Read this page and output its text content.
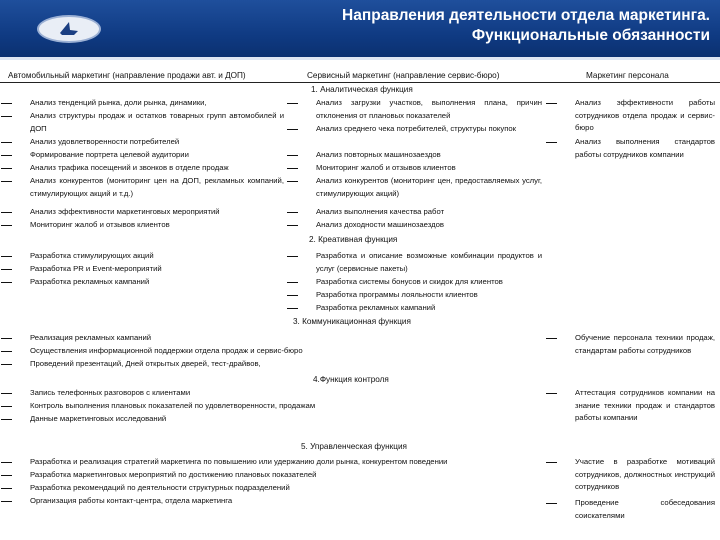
Направления деятельности отдела маркетинга.
Функциональные обязанности
Автомобильный маркетинг (направление продажи авт. и ДОП)	Сервисный маркетинг (направление сервис-бюро)	Маркетинг персонала
1. Аналитическая функция
Анализ тенденций рынка, доли рынка, динамики,
Анализ структуры продаж и остатков товарных групп автомобилей и ДОП
Анализ удовлетворенности потребителей
Формирование портрета целевой аудитории
Анализ трафика посещений и звонков в отделе продаж
Анализ конкурентов (мониторинг цен на ДОП, рекламных компаний, стимулирующих акций и т.д.)
Анализ эффективности маркетинговых мероприятий
Мониторинг жалоб и отзывов клиентов
Анализ загрузки участков, выполнения плана, причин отклонения от плановых показателей
Анализ среднего чека потребителей, структуры покупок
Анализ повторных машинозаездов
Мониторинг жалоб и отзывов клиентов
Анализ конкурентов (мониторинг цен, предоставляемых услуг, стимулирующих акций)
Анализ выполнения качества работ
Анализ доходности машинозаездов
Анализ эффективности работы сотрудников отдела продаж и сервис-бюро
Анализ выполнения стандартов работы сотрудников компании
2. Креативная функция
Разработка стимулирующих акций
Разработка PR и Event-мероприятий
Разработка рекламных кампаний
Разработка и описание возможные комбинации продуктов и услуг (сервисные пакеты)
Разработка системы бонусов и скидок для клиентов
Разработка программы лояльности клиентов
Разработка рекламных кампаний
3. Коммуникационная функция
Реализация рекламных кампаний
Осуществления информационной поддержки отдела продаж и сервис-бюро
Проведений презентаций, Дней открытых дверей, тест-драйвов,
Обучение персонала техники продаж, стандартам работы сотрудников
4.Функция контроля
Запись телефонных разговоров с клиентами
Контроль выполнения плановых показателей по удовлетворенности, продажам
Данные маркетинговых исследований
Аттестация сотрудников компании на знание техники продаж и стандартов работы компании
5. Управленческая функция
Разработка и реализация стратегий маркетинга по повышению или удержанию доли рынка, конкурентом поведении
Разработка маркетинговых мероприятий по достижению плановых показателей
Разработка рекомендаций по деятельности структурных подразделений
Организация работы контакт-центра, отдела маркетинга
Участие в разработке мотиваций сотрудников, должностных инструкций сотрудников
Проведение собеседования соискателями
